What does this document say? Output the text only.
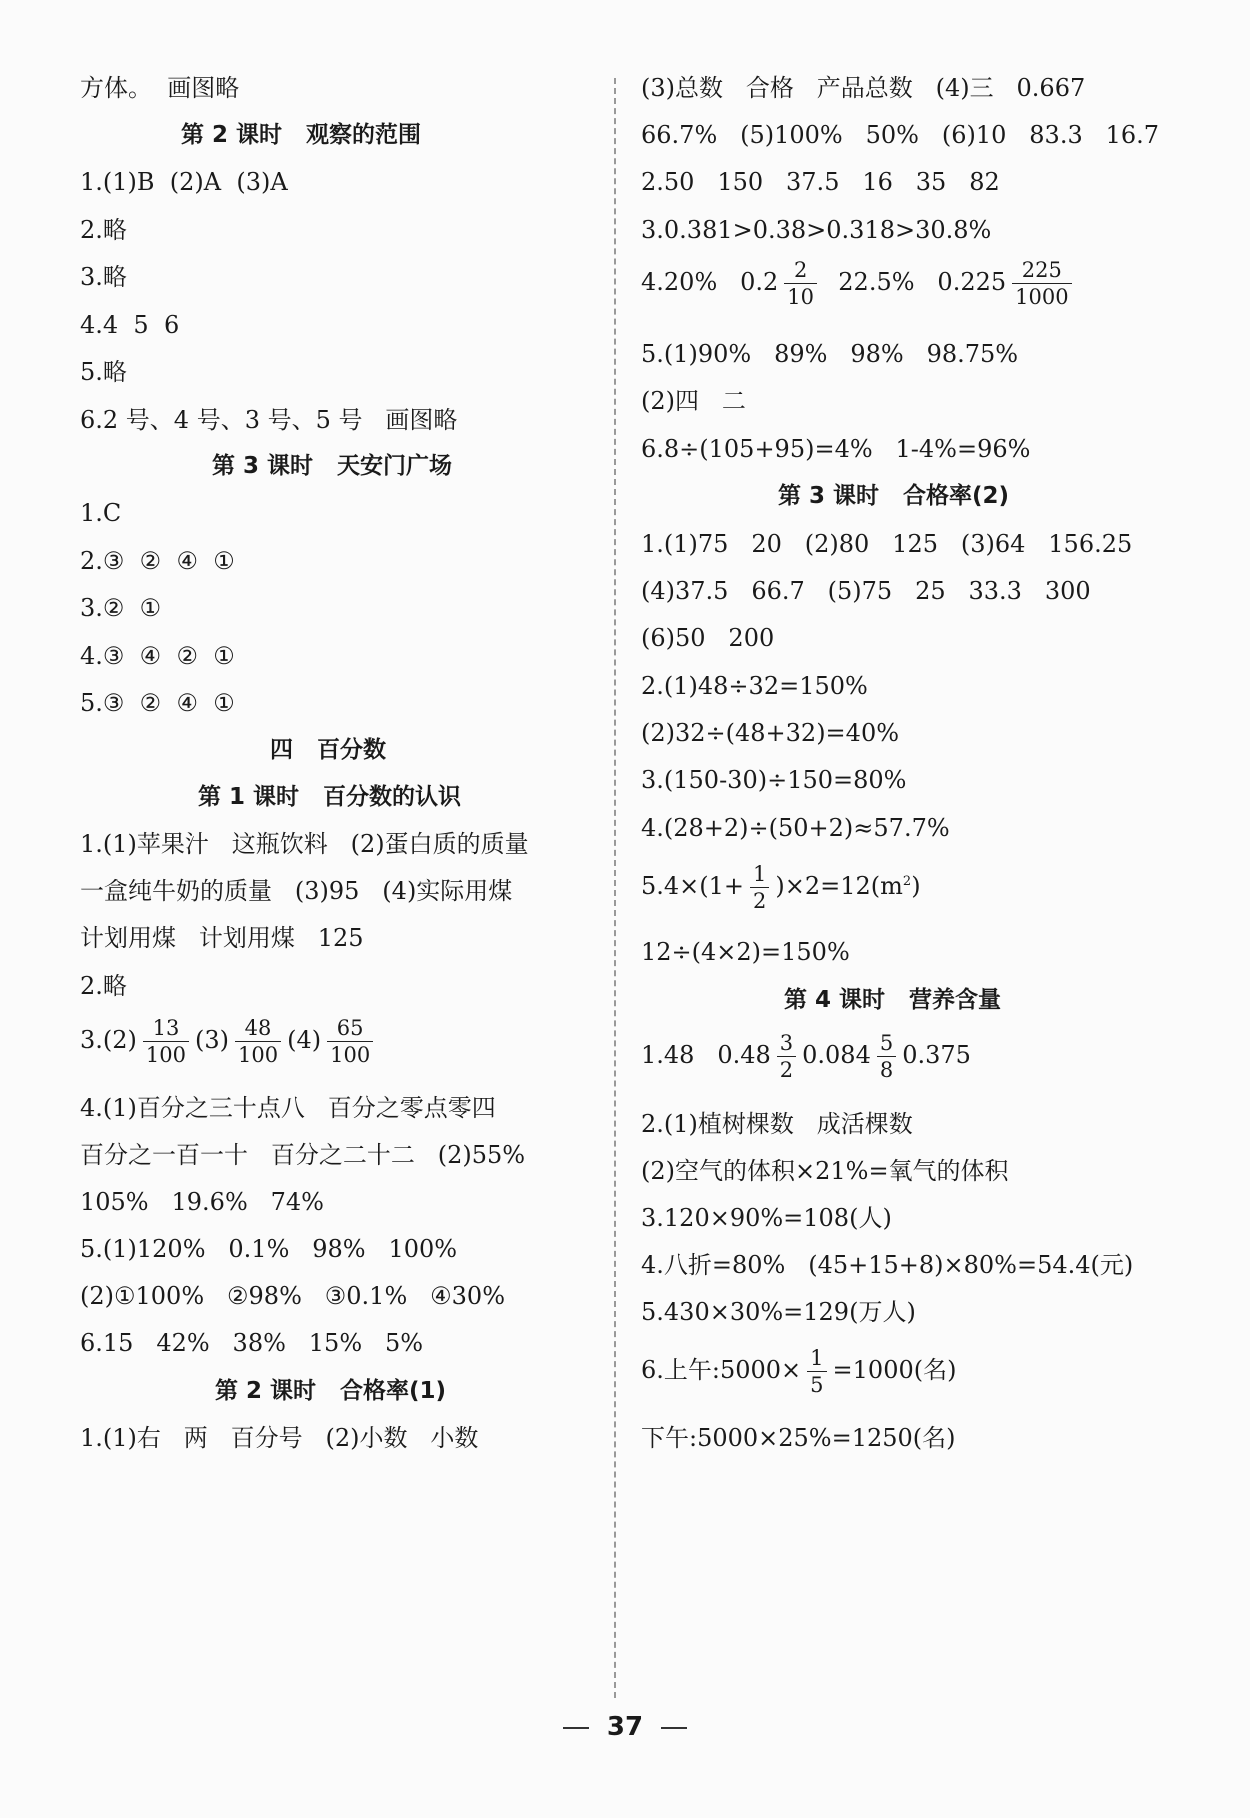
方体。  画图略
第 2 课时   观察的范围
1.(1)B  (2)A  (3)A
2.略
3.略
4.4  5  6
5.略
6.2 号、4 号、3 号、5 号   画图略
第 3 课时   天安门广场
1.C
2.③  ②  ④  ①
3.②  ①
4.③  ④  ②  ①
5.③  ②  ④  ①
四   百分数
第 1 课时   百分数的认识
1.(1)苹果汁   这瓶饮料   (2)蛋白质的质量
一盒纯牛奶的质量   (3)95   (4)实际用煤
计划用煤   计划用煤   125
2.略
$3.(2) \frac{13}{100} (3) \frac{48}{100} (4) \frac{65}{100}$
4.(1)百分之三十点八   百分之零点零四
百分之一百一十   百分之二十二   (2)55%
105%   19.6%   74%
5.(1)120%   0.1%   98%   100%
(2)①100%   ②98%   ③0.1%   ④30%
6.15   42%   38%   15%   5%
第 2 课时   合格率(1)
1.(1)右   两   百分号   (2)小数   小数
(3)总数   合格   产品总数   (4)三   0.667
66.7%   (5)100%   50%   (6)10   83.3   16.7
2.50   150   37.5   16   35   82
3.0.381>0.38>0.318>30.8%
4.20%   $0.2 \frac{2}{10} 22.5\%$   $0.225 \frac{225}{1000}$
5.(1)90%   89%   98%   98.75%
(2)四   二
6.8÷(105+95)=4%   1-4%=96%
第 3 课时   合格率(2)
1.(1)75   20   (2)80   125   (3)64   156.25
(4)37.5   66.7   (5)75   25   33.3   300
(6)50   200
2.(1)48÷32=150%
(2)32÷(48+32)=40%
3.(150-30)÷150=80%
4.(28+2)÷(50+2)≈57.7%
$5.4\times(1+ \frac{1}{2} )\times 2=12(m^2)$
12÷(4×2)=150%
第 4 课时   营养含量
1.48   $0.48 \frac{3}{2} 0.084 \frac{5}{8} 0.375$
2.(1)植树棵数   成活棵数
(2)空气的体积×21%=氧气的体积
3.120×90%=108(人)
4.八折=80%   (45+15+8)×80%=54.4(元)
5.430×30%=129(万人)
6.上午:5000× $\frac{1}{5} =1000$(名)
下午:5000×25%=1250(名)
37
